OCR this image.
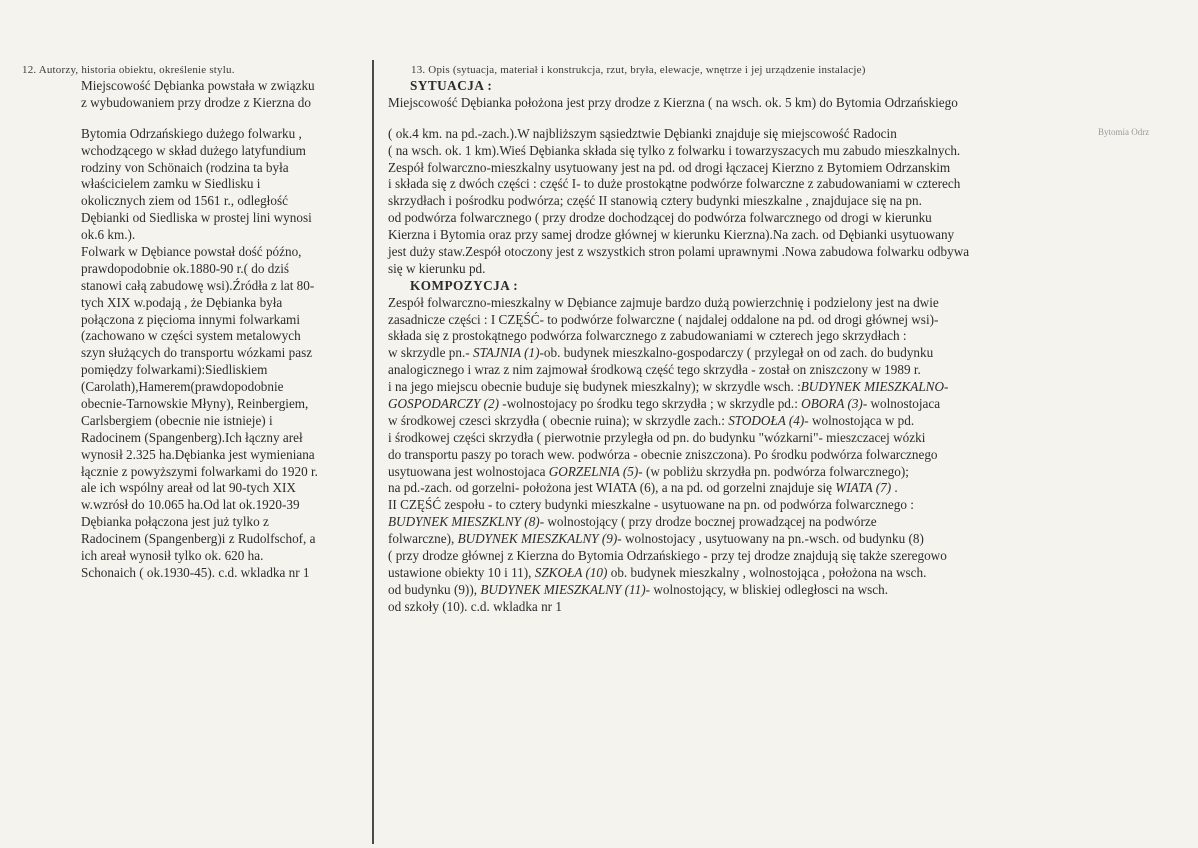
12. Autorzy, historia obiektu, określenie stylu.	13. Opis (sytuacja, materiał i konstrukcja, rzut, bryła, elewacje, wnętrze i jej urządzenie instalacje)
Miejscowość Dębianka powstała w związku
z wybudowaniem przy drodze z Kierzna do
Bytomia Odrzańskiego dużego folwarku ,
wchodzącego w skład dużego latyfundium
rodziny von Schönaich (rodzina ta była
właścicielem zamku w Siedlisku i
okolicznych ziem od 1561 r., odległość
Dębianki od Siedliska w prostej lini wynosi
ok.6 km.).
Folwark w Dębiance powstał dość późno,
prawdopodobnie ok.1880-90 r.( do dziś
stanowi całą zabudowę wsi).Źródła z lat 80-
tych XIX w.podają , że Dębianka była
połączona z pięcioma innymi folwarkami
(zachowano w części system metalowych
szyn służących do transportu wózkami pasz
pomiędzy folwarkami):Siedliskiem
(Carolath),Hamerem(prawdopodobnie
obecnie-Tarnowskie Młyny), Reinbergiem,
Carlsbergiem (obecnie nie istnieje) i
Radocinem (Spangenberg).Ich łączny areł
wynosił 2.325 ha.Dębianka jest wymieniana
łącznie z powyższymi folwarkami do 1920 r.
ale ich wspólny areał od lat 90-tych XIX
w.wzrósł do 10.065 ha.Od lat ok.1920-39
Dębianka połączona jest już tylko z
Radocinem (Spangenberg)i z Rudolfschof, a
ich areał wynosił tylko ok. 620 ha.
Schonaich ( ok.1930-45). c.d. wkladka nr 1
SYTUACJA :
Miejscowość Dębianka położona jest przy drodze z Kierzna ( na wsch. ok. 5 km) do Bytomia Odrzańskiego
( ok.4 km. na pd.-zach.).W najbliższym sąsiedztwie Dębianki znajduje się miejscowość Radocin
( na wsch. ok. 1 km).Wieś Dębianka składa się tylko z folwarku i towarzyszacych mu zabudo mieszkalnych.
Zespół folwarczno-mieszkalny usytuowany jest na pd. od drogi łączacej Kierzno z Bytomiem Odrzanskim
i składa się z dwóch części : część I- to duże prostokątne podwórze folwarczne z zabudowaniami w czterech
skrzydłach i pośrodku podwórza; część II stanowią cztery budynki mieszkalne , znajdujace się na pn.
od podwórza folwarcznego ( przy drodze dochodzącej do podwórza folwarcznego od drogi w kierunku
Kierzna i Bytomia oraz przy samej drodze głównej w kierunku Kierzna).Na zach. od Dębianki usytuowany
jest duży staw.Zespół otoczony jest z wszystkich stron polami uprawnymi .Nowa zabudowa folwarku odbywa
się w kierunku pd.
KOMPOZYCJA :
Zespół folwarczno-mieszkalny w Dębiance zajmuje bardzo dużą powierzchnię i podzielony jest na dwie
zasadnicze części : I CZĘŚĆ- to podwórze folwarczne ( najdalej oddalone na pd. od drogi głównej wsi)-
składa się z prostokątnego podwórza folwarcznego z zabudowaniami w czterech jego skrzydłach :
w skrzydle pn.- STAJNIA (1)-ob. budynek mieszkalno-gospodarczy ( przylegał on od zach. do budynku
analogicznego i wraz z nim zajmował środkową część tego skrzydła - został on zniszczony w 1989 r.
i na jego miejscu obecnie buduje się budynek mieszkalny); w skrzydle wsch. :BUDYNEK MIESZKALNO-
GOSPODARCZY (2) -wolnostojacy po środku tego skrzydła ; w skrzydle pd.: OBORA (3)- wolnostojaca
w środkowej czesci skrzydła ( obecnie ruina); w skrzydle zach.: STODOŁA (4)- wolnostojąca w pd.
i środkowej części skrzydła ( pierwotnie przyległa od pn. do budynku "wózkarni"- mieszczacej wózki
do transportu paszy po torach wew. podwórza - obecnie zniszczona). Po środku podwórza folwarcznego
usytuowana jest wolnostojaca GORZELNIA (5)- (w pobliżu skrzydła pn. podwórza folwarcznego);
na pd.-zach. od gorzelni- położona jest WIATA (6), a na pd. od gorzelni znajduje się WIATA (7) .
II CZĘŚĆ zespołu - to cztery budynki mieszkalne - usytuowane na pn. od podwórza folwarcznego :
BUDYNEK MIESZKLNY (8)- wolnostojący ( przy drodze bocznej prowadzącej na podwórze
folwarczne), BUDYNEK MIESZKALNY (9)- wolnostojacy , usytuowany na pn.-wsch. od budynku (8)
( przy drodze głównej z Kierzna do Bytomia Odrzańskiego - przy tej drodze znajdują się także szeregowo
ustawione obiekty 10 i 11), SZKOŁA (10) ob. budynek mieszkalny , wolnostojąca , położona na wsch.
od budynku (9)), BUDYNEK MIESZKALNY (11)- wolnostojący, w bliskiej odległosci na wsch.
od szkoły (10). c.d. wkladka nr 1
Bytomia Odrz
